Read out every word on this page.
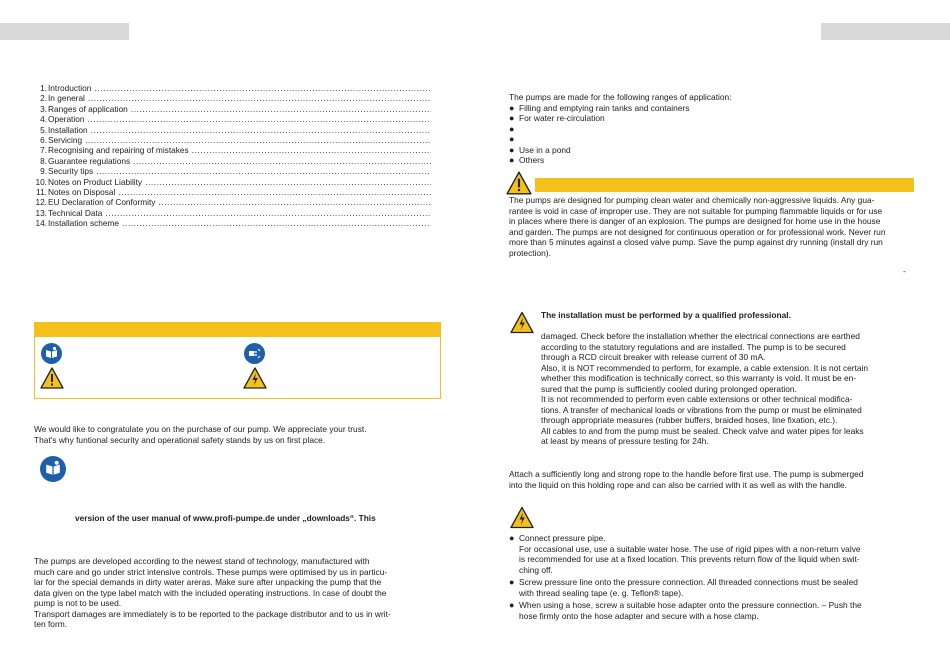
1. Introduction
.....
2. In general
.....
3. Ranges of application
.....
4. Operation
.....
5. Installation
.....
6. Servicing
.....
7. Recognising and repairing of mistakes
.....
8. Guarantee regulations
.....
9. Security tips
.....
10. Notes on Product Liability
.....
11. Notes on Disposal
.....
12. EU Declaration of Conformity
.....
13. Technical Data
.....
14. Installation scheme
.....
We would like to congratulate you on the purchase of our pump. We appreciate your trust.
That's why funtional security and operational safety stands by us on first place.
version of the user manual of www.profi-pumpe.de under „downloads“. This
The pumps are developed according to the newest stand of technology, manufactured with
much care and go under strict intensive controls. These pumps were optimised by us in particu-
lar for the special demands in dirty water areras. Make sure after unpacking the pump that the
data given on the type label match with the included operating instructions. In case of doubt the
pump is not to be used.
Transport damages are immediately is to be reported to the package distributor and to us in writ-
ten form.
The pumps are made for the following ranges of application:
● Filling and emptying rain tanks and containers
● For water re-circulation
●
●
● Use in a pond
● Others
The pumps are designed for pumping clean water and chemically non-aggressive liquids. Any gua-
rantee is void in case of improper use. They are not suitable for pumping flammable liquids or for use
in places where there is danger of an explosion. The pumps are designed for home use in the house
and garden. The pumps are not designed for continuous operation or for professional work. Never run
more than 5 minutes against a closed valve pump. Save the pump against dry running (install dry run
protection).
-
The installation must be performed by a qualified professional.
damaged. Check before the installation whether the electrical connections are earthed
according to the statutory regulations and are installed. The pump is to be secured
through a RCD circuit breaker with release current of 30 mA.
Also, it is NOT recommended to perform, for example, a cable extension. It is not certain
whether this modification is technically correct, so this warranty is void. It must be en-
sured that the pump is sufficiently cooled during prolonged operation.
It is not recommended to perform even cable extensions or other technical modifica-
tions. A transfer of mechanical loads or vibrations from the pump or must be eliminated
through appropriate measures (rubber buffers, braided hoses, line fixation, etc.).
All cables to and from the pump must be sealed. Check valve and water pipes for leaks
at least by means of pressure testing for 24h.
Attach a sufficiently long and strong rope to the handle before first use. The pump is submerged
into the liquid on this holding rope and can also be carried with it as well as with the handle.
● Connect pressure pipe.
For occasional use, use a suitable water hose. The use of rigid pipes with a non-return valve
is recommended for use at a fixed location. This prevents return flow of the liquid when swit-
ching off.
● Screw pressure line onto the pressure connection. All threaded connections must be sealed
with thread sealing tape (e. g. Teflon® tape).
● When using a hose, screw a suitable hose adapter onto the pressure connection. – Push the
hose firmly onto the hose adapter and secure with a hose clamp.
